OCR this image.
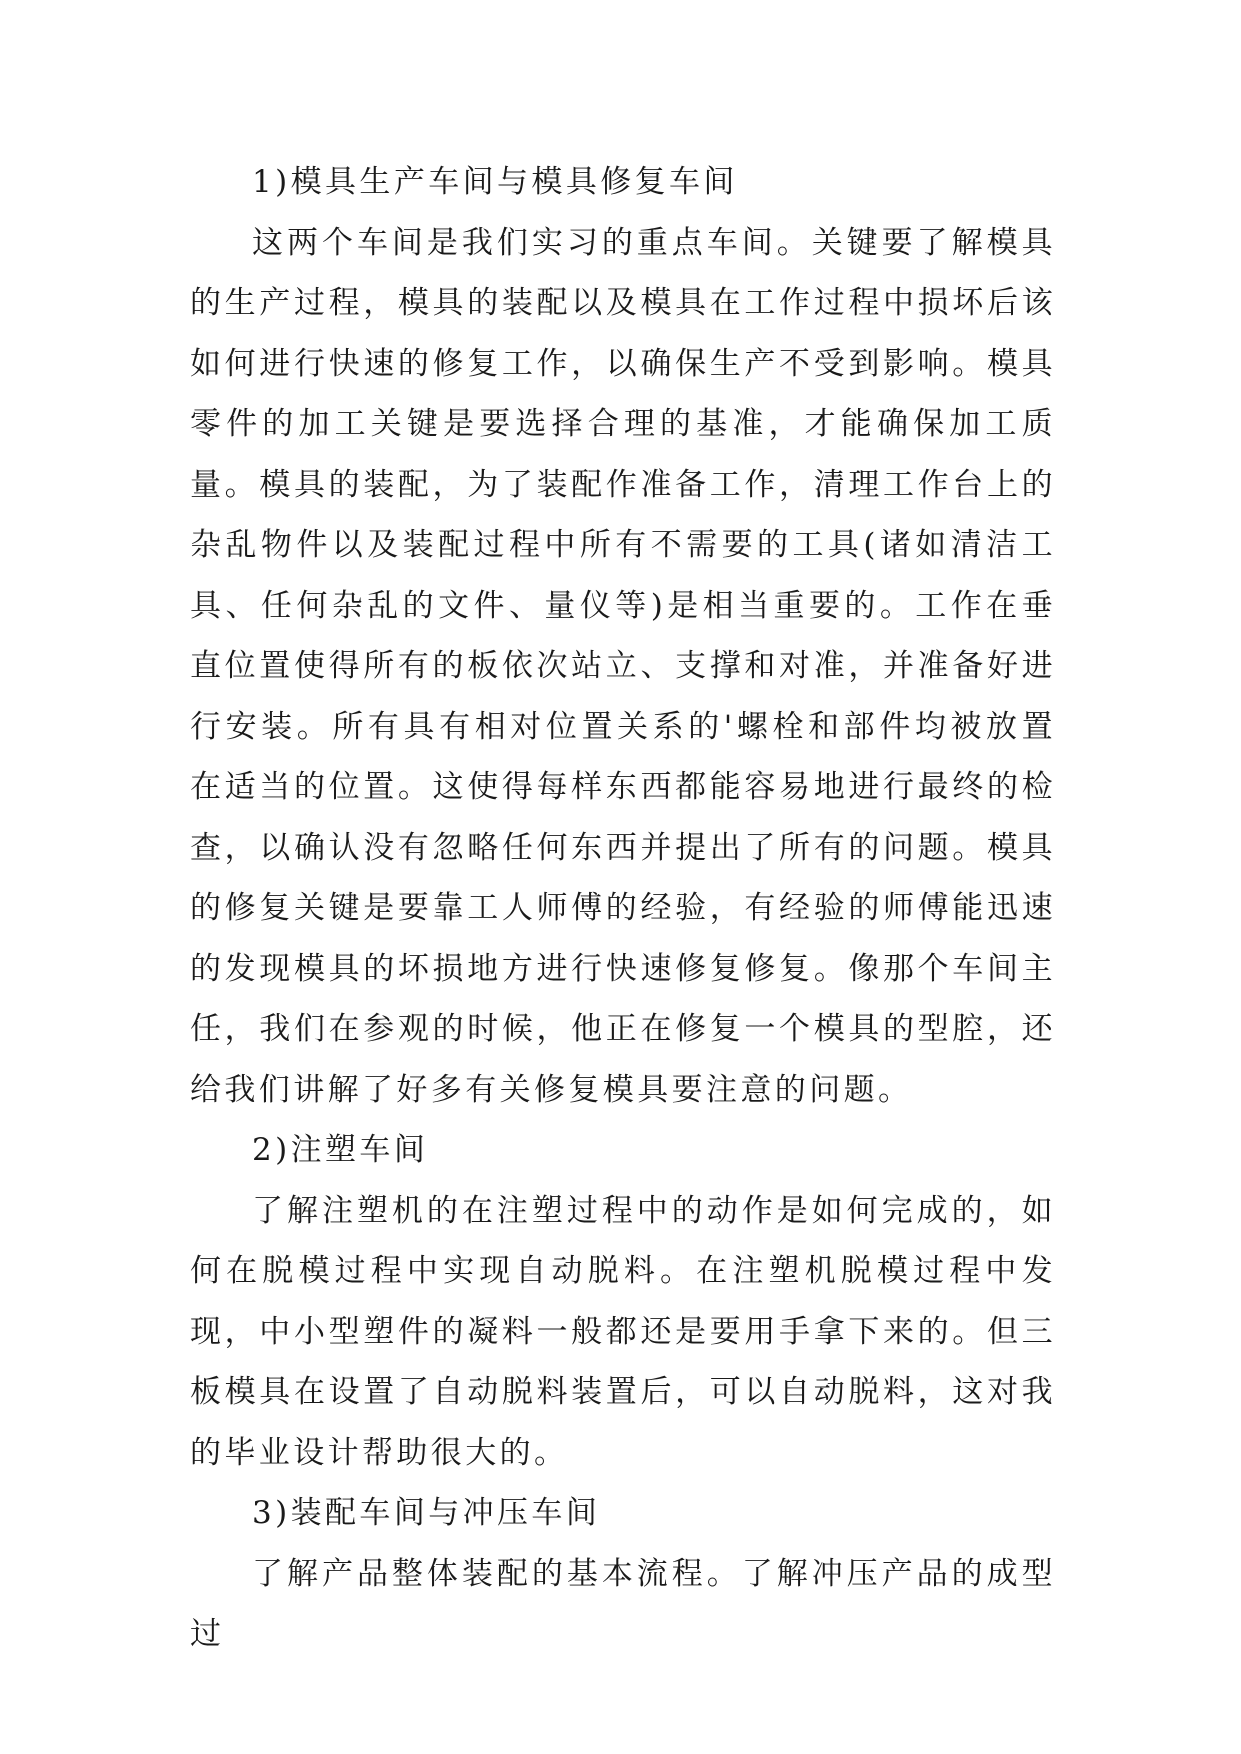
1)模具生产车间与模具修复车间

这两个车间是我们实习的重点车间。关键要了解模具的生产过程，模具的装配以及模具在工作过程中损坏后该如何进行快速的修复工作，以确保生产不受到影响。模具零件的加工关键是要选择合理的基准，才能确保加工质量。模具的装配，为了装配作准备工作，清理工作台上的杂乱物件以及装配过程中所有不需要的工具(诸如清洁工具、任何杂乱的文件、量仪等)是相当重要的。工作在垂直位置使得所有的板依次站立、支撑和对准，并准备好进行安装。所有具有相对位置关系的'螺栓和部件均被放置在适当的位置。这使得每样东西都能容易地进行最终的检查，以确认没有忽略任何东西并提出了所有的问题。模具的修复关键是要靠工人师傅的经验，有经验的师傅能迅速的发现模具的坏损地方进行快速修复修复。像那个车间主任，我们在参观的时候，他正在修复一个模具的型腔，还给我们讲解了好多有关修复模具要注意的问题。

2)注塑车间

了解注塑机的在注塑过程中的动作是如何完成的，如何在脱模过程中实现自动脱料。在注塑机脱模过程中发现，中小型塑件的凝料一般都还是要用手拿下来的。但三板模具在设置了自动脱料装置后，可以自动脱料，这对我的毕业设计帮助很大的。

3)装配车间与冲压车间

了解产品整体装配的基本流程。了解冲压产品的成型过
